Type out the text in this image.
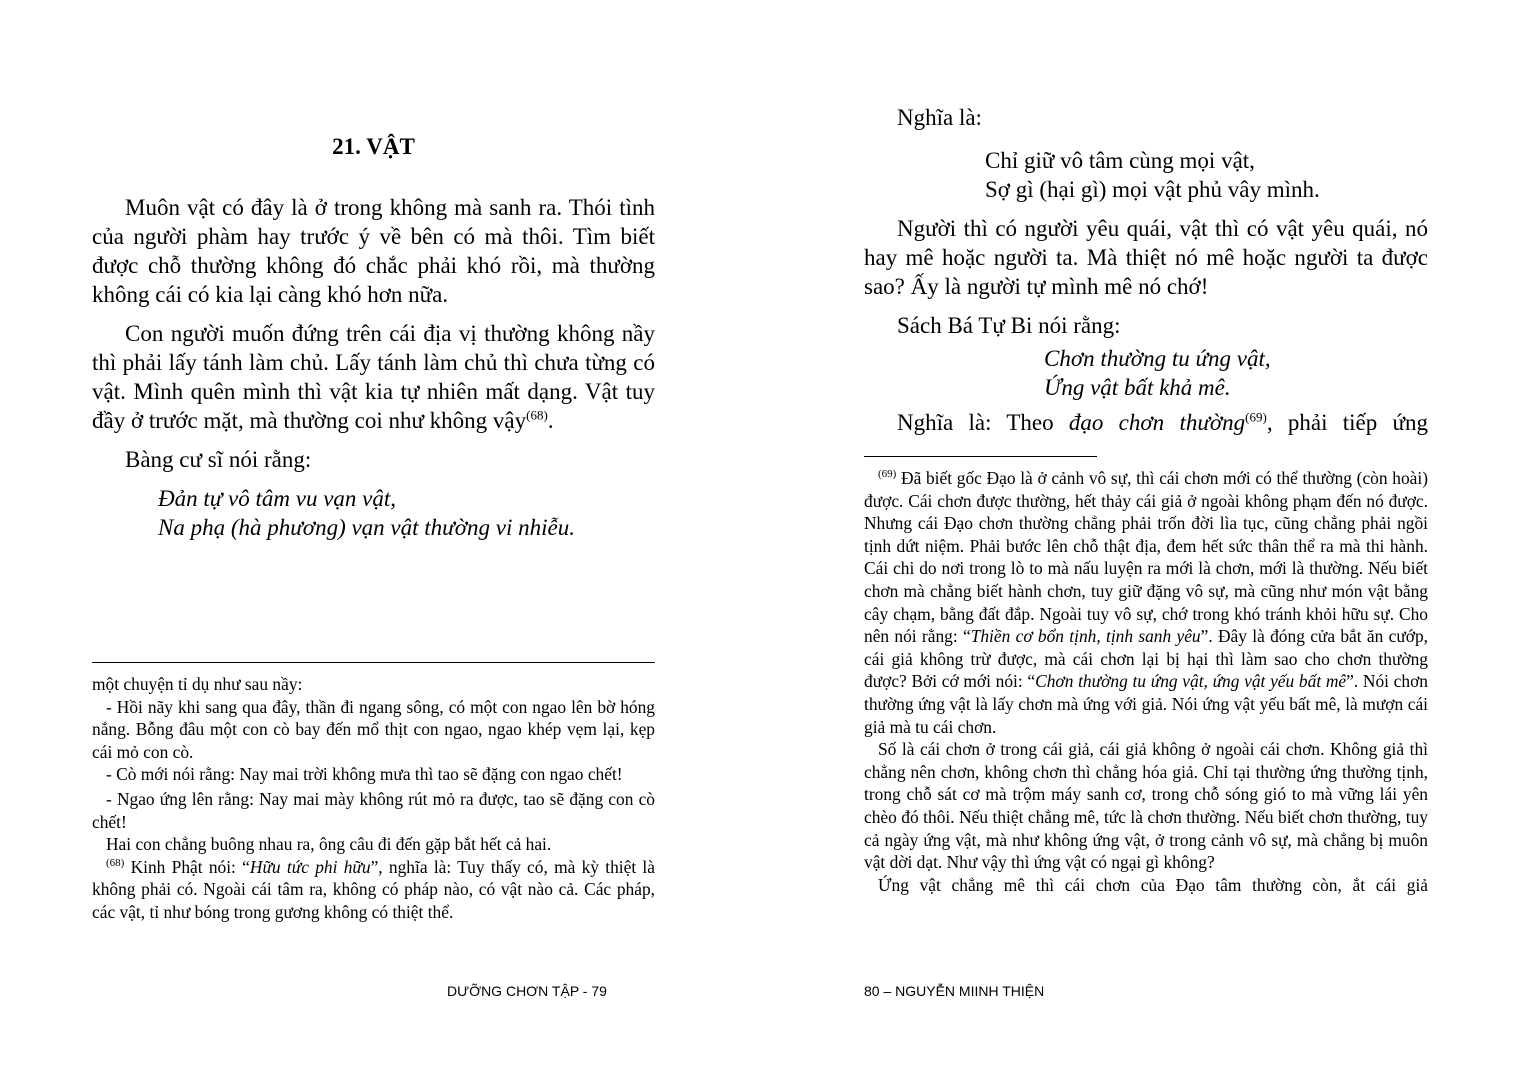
21. VẬT

Muôn vật có đây là ở trong không mà sanh ra. Thói tình của người phàm hay trước ý về bên có mà thôi. Tìm biết được chỗ thường không đó chắc phải khó rồi, mà thường không cái có kia lại càng khó hơn nữa.

Con người muốn đứng trên cái địa vị thường không nầy thì phải lấy tánh làm chủ. Lấy tánh làm chủ thì chưa từng có vật. Mình quên mình thì vật kia tự nhiên mất dạng. Vật tuy đầy ở trước mặt, mà thường coi như không vậy$^{(68)}$.

Bàng cư sĩ nói rằng:

Đản tự vô tâm vu vạn vật,
Na phạ (hà phương) vạn vật thường vi nhiễu.

một chuyện tỉ dụ như sau nầy:

- Hồi nãy khi sang qua đây, thần đi ngang sông, có một con ngao lên bờ hóng nắng. Bỗng đâu một con cò bay đến mổ thịt con ngao, ngao khép vẹm lại, kẹp cái mỏ con cò.

- Cò mới nói rằng: Nay mai trời không mưa thì tao sẽ đặng con ngao chết!

- Ngao ứng lên rằng: Nay mai mày không rút mỏ ra được, tao sẽ đặng con cò chết!

Hai con chẳng buông nhau ra, ông câu đi đến gặp bắt hết cả hai.

$^{(68)}$ Kinh Phật nói: “Hữu tức phi hữu”, nghĩa là: Tuy thấy có, mà kỳ thiệt là không phải có. Ngoài cái tâm ra, không có pháp nào, có vật nào cả. Các pháp, các vật, tỉ như bóng trong gương không có thiệt thể.

DƯỠNG CHƠN TẬP - 79

Nghĩa là:

Chỉ giữ vô tâm cùng mọi vật,
Sợ gì (hại gì) mọi vật phủ vây mình.

Người thì có người yêu quái, vật thì có vật yêu quái, nó hay mê hoặc người ta. Mà thiệt nó mê hoặc người ta được sao? Ấy là người tự mình mê nó chớ!

Sách Bá Tự Bi nói rằng:

Chơn thường tu ứng vật,
Ứng vật bất khả mê.

Nghĩa là: Theo đạo chơn thường$^{(69)}$, phải tiếp ứng

$^{(69)}$ Đã biết gốc Đạo là ở cảnh vô sự, thì cái chơn mới có thể thường (còn hoài) được. Cái chơn được thường, hết thảy cái giả ở ngoài không phạm đến nó được. Nhưng cái Đạo chơn thường chẳng phải trốn đời lìa tục, cũng chẳng phải ngồi tịnh dứt niệm. Phải bước lên chỗ thật địa, đem hết sức thân thể ra mà thi hành. Cái chi do nơi trong lò to mà nấu luyện ra mới là chơn, mới là thường. Nếu biết chơn mà chẳng biết hành chơn, tuy giữ đặng vô sự, mà cũng như món vật bằng cây chạm, bằng đất đắp. Ngoài tuy vô sự, chớ trong khó tránh khỏi hữu sự. Cho nên nói rằng: “Thiền cơ bổn tịnh, tịnh sanh yêu”. Đây là đóng cửa bắt ăn cướp, cái giả không trừ được, mà cái chơn lại bị hại thì làm sao cho chơn thường được? Bởi cớ mới nói: “Chơn thường tu ứng vật, ứng vật yếu bất mê”. Nói chơn thường ứng vật là lấy chơn mà ứng với giả. Nói ứng vật yếu bất mê, là mượn cái giả mà tu cái chơn.

Số là cái chơn ở trong cái giả, cái giả không ở ngoài cái chơn. Không giả thì chẳng nên chơn, không chơn thì chẳng hóa giả. Chỉ tại thường ứng thường tịnh, trong chỗ sát cơ mà trộm máy sanh cơ, trong chỗ sóng gió to mà vững lái yên chèo đó thôi. Nếu thiệt chẳng mê, tức là chơn thường. Nếu biết chơn thường, tuy cả ngày ứng vật, mà như không ứng vật, ở trong cảnh vô sự, mà chẳng bị muôn vật dời dạt. Như vậy thì ứng vật có ngại gì không?

Ứng vật chẳng mê thì cái chơn của Đạo tâm thường còn, ắt cái giả

80 – NGUYỄN MIINH THIỆN
